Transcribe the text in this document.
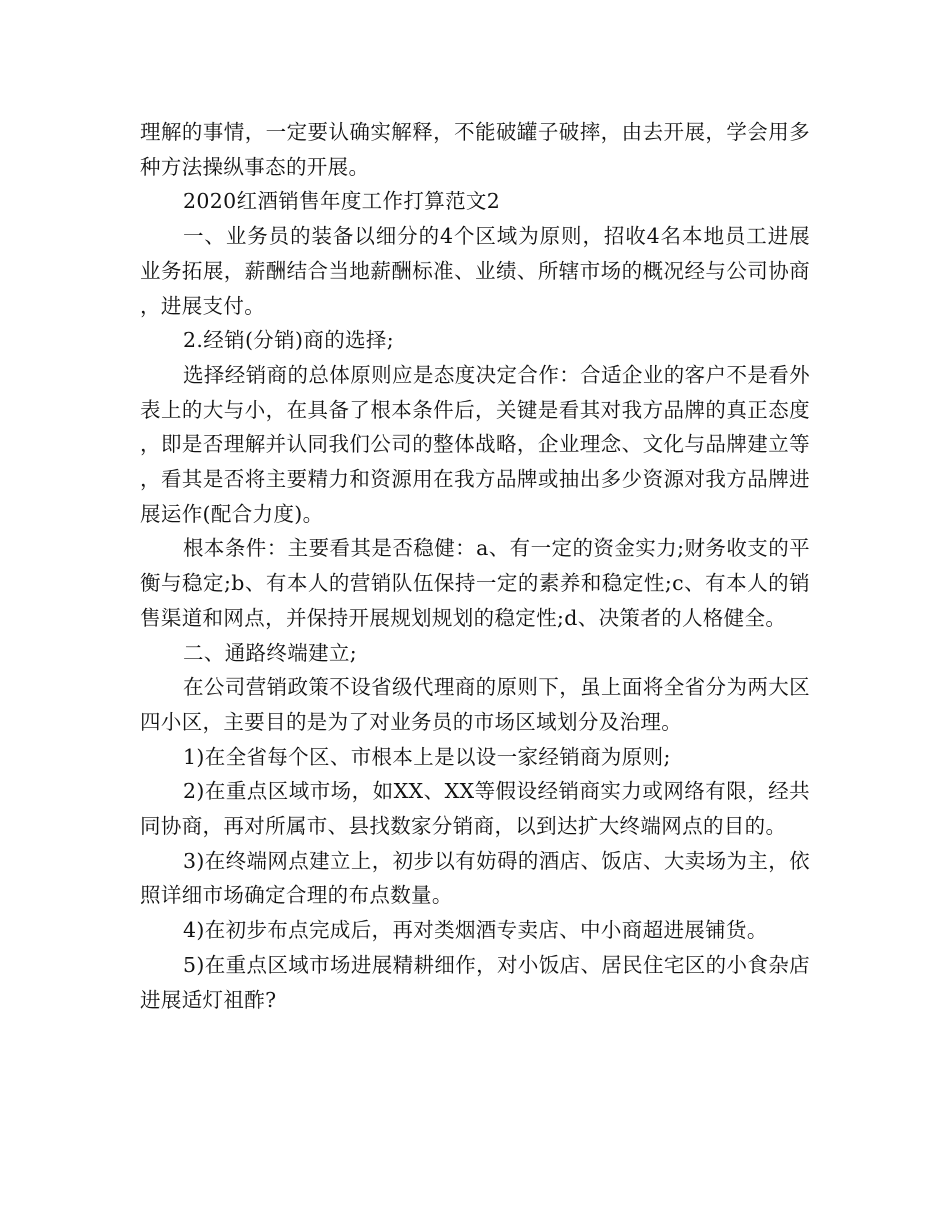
理解的事情，一定要认确实解释，不能破罐子破摔，由去开展，学会用多种方法操纵事态的开展。

2020红酒销售年度工作打算范文2

一、业务员的装备以细分的4个区域为原则，招收4名本地员工进展业务拓展，薪酬结合当地薪酬标准、业绩、所辖市场的概况经与公司协商，进展支付。

2.经销(分销)商的选择;

选择经销商的总体原则应是态度决定合作：合适企业的客户不是看外表上的大与小，在具备了根本条件后，关键是看其对我方品牌的真正态度，即是否理解并认同我们公司的整体战略，企业理念、文化与品牌建立等，看其是否将主要精力和资源用在我方品牌或抽出多少资源对我方品牌进展运作(配合力度)。

根本条件：主要看其是否稳健：a、有一定的资金实力;财务收支的平衡与稳定;b、有本人的营销队伍保持一定的素养和稳定性;c、有本人的销售渠道和网点，并保持开展规划规划的稳定性;d、决策者的人格健全。

二、通路终端建立;

在公司营销政策不设省级代理商的原则下，虽上面将全省分为两大区四小区，主要目的是为了对业务员的市场区域划分及治理。

1)在全省每个区、市根本上是以设一家经销商为原则;

2)在重点区域市场，如XX、XX等假设经销商实力或网络有限，经共同协商，再对所属市、县找数家分销商，以到达扩大终端网点的目的。

3)在终端网点建立上，初步以有妨碍的酒店、饭店、大卖场为主，依照详细市场确定合理的布点数量。

4)在初步布点完成后，再对类烟酒专卖店、中小商超进展铺货。

5)在重点区域市场进展精耕细作，对小饭店、居民住宅区的小食杂店进展适灯祖酢?
